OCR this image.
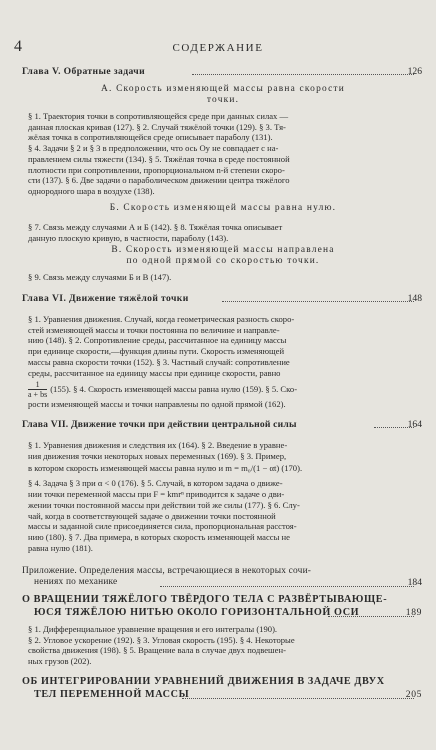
4	СОДЕРЖАНИЕ
Глава V. Обратные задачи	126
А. Скорость изменяющей массы равна скорости
точки.
§ 1. Траектория точки в сопротивляющейся среде при данных силах —
данная плоская кривая (127). § 2. Случай тяжёлой точки (129). § 3. Тя-
жёлая точка в сопротивляющейся среде описывает параболу (131).
§ 4. Задачи § 2 и § 3 в предположении, что ось Oy не совпадает с на-
правлением силы тяжести (134). § 5. Тяжёлая точка в среде постоянной
плотности при сопротивлении, пропорциональном n-й степени скоро-
сти (137). § 6. Две задачи о параболическом движении центра тяжёлого
однородного шара в воздухе (138).
Б. Скорость изменяющей массы равна нулю.
§ 7. Связь между случаями А и Б (142). § 8. Тяжёлая точка описывает
данную плоскую кривую, в частности, параболу (143).
В. Скорость изменяющей массы направлена
по одной прямой со скоростью точки.
§ 9. Связь между случаями Б и В (147).
Глава VI. Движение тяжёлой точки	148
§ 1. Уравнения движения. Случай, когда геометрическая разность скоро-
стей изменяющей массы и точки постоянна по величине и направле-
нию (148). § 2. Сопротивление среды, рассчитанное на единицу массы
при единице скорости,—функция длины пути. Скорость изменяющей
массы равна скорости точки (152). § 3. Частный случай: сопротивление
среды, рассчитанное на единицу массы при единице скорости, равно
$\frac{1}{a + bs} (155)$. § 4. Скорость изменяющей массы равна нулю (159). § 5. Ско-
рости изменяющей массы и точки направлены по одной прямой (162).
Глава VII. Движение точки при действии центральной силы	164
§ 1. Уравнения движения и следствия их (164). § 2. Введение в уравне-
ния движения точки некоторых новых переменных (169). § 3. Пример,
в котором скорость изменяющей массы равна нулю и m = m₀/(1 − αt) (170).
§ 4. Задача § 3 при α < 0 (176). § 5. Случай, в котором задача о движе-
нии точки переменной массы при F = kmrⁿ приводится к задаче о дви-
жении точки постоянной массы при действии той же силы (177). § 6. Слу-
чай, когда в соответствующей задаче о движении точки постоянной
массы и заданной силе присоединяется сила, пропорциональная расстоя-
нию (180). § 7. Два примера, в которых скорость изменяющей массы не
равна нулю (181).
Приложение. Определения массы, встречающиеся в некоторых сочи-
нениях по механике	184
О ВРАЩЕНИИ ТЯЖЁЛОГО ТВЁРДОГО ТЕЛА С РАЗВЁРТЫВАЮЩЕ-
ЮСЯ ТЯЖЁЛОЮ НИТЬЮ ОКОЛО ГОРИЗОНТАЛЬНОЙ ОСИ	189
§ 1. Дифференциальное уравнение вращения и его интегралы (190).
§ 2. Угловое ускорение (192). § 3. Угловая скорость (195). § 4. Некоторые
свойства движения (198). § 5. Вращение вала в случае двух подвешен-
ных грузов (202).
ОБ ИНТЕГРИРОВАНИИ УРАВНЕНИЙ ДВИЖЕНИЯ В ЗАДАЧЕ ДВУХ
ТЕЛ ПЕРЕМЕННОЙ МАССЫ	205
